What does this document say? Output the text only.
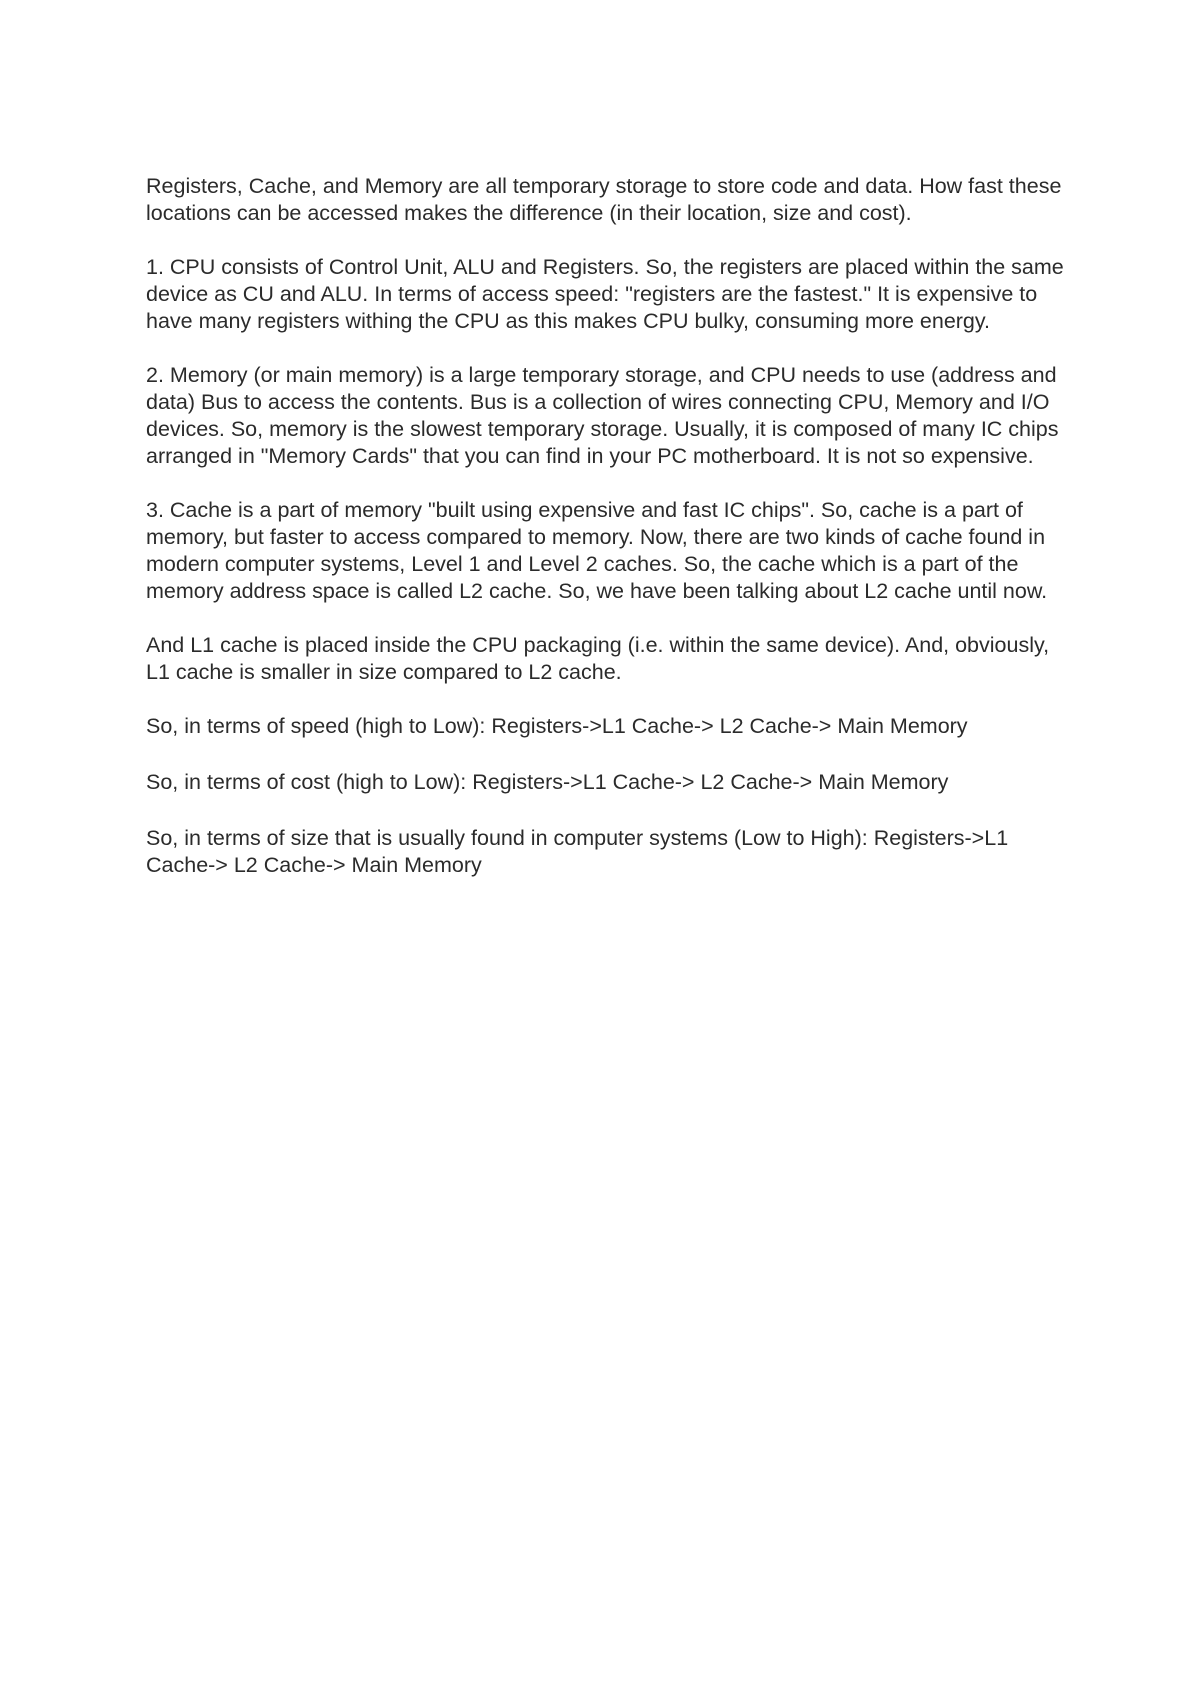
Registers, Cache, and Memory are all temporary storage to store code and data. How fast these locations can be accessed makes the difference (in their location, size and cost).

1. CPU consists of Control Unit, ALU and Registers. So, the registers are placed within the same device as CU and ALU. In terms of access speed: "registers are the fastest." It is expensive to have many registers withing the CPU as this makes CPU bulky, consuming more energy.

2. Memory (or main memory) is a large temporary storage, and CPU needs to use (address and data) Bus to access the contents. Bus is a collection of wires connecting CPU, Memory and I/O devices. So, memory is the slowest temporary storage. Usually, it is composed of many IC chips arranged in "Memory Cards" that you can find in your PC motherboard. It is not so expensive.

3. Cache is a part of memory "built using expensive and fast IC chips". So, cache is a part of memory, but faster to access compared to memory. Now, there are two kinds of cache found in modern computer systems, Level 1 and Level 2 caches. So, the cache which is a part of the memory address space is called L2 cache. So, we have been talking about L2 cache until now.

And L1 cache is placed inside the CPU packaging (i.e. within the same device). And, obviously, L1 cache is smaller in size compared to L2 cache.

So, in terms of speed (high to Low): Registers->L1 Cache-> L2 Cache-> Main Memory

So, in terms of cost (high to Low): Registers->L1 Cache-> L2 Cache-> Main Memory

So, in terms of size that is usually found in computer systems (Low to High): Registers->L1 Cache-> L2 Cache-> Main Memory
